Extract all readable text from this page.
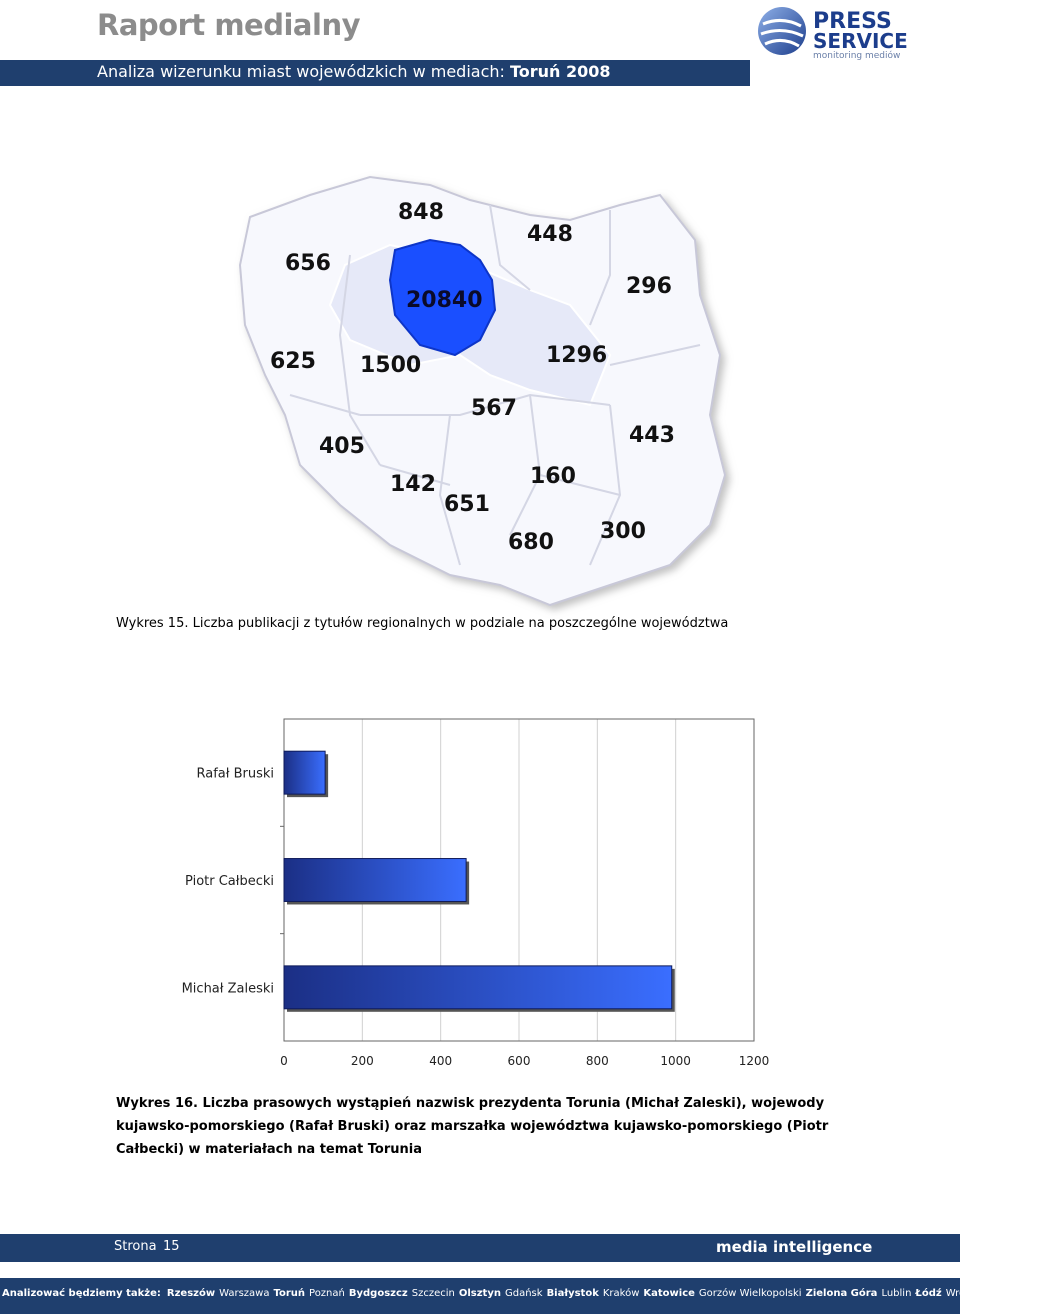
Raport medialny
Analiza wizerunku miast wojewódzkich w mediach: Toruń 2008
PRESS
SERVICE
monitoring mediów
848
656
448
20840
296
625 1500	1296
567
405	443
142	160
651
680 300
Wykres 15. Liczba publikacji z tytułów regionalnych w podziale na poszczególne województwa
Rafał Bruski
Piotr Całbecki
Michał Zaleski
0	200	400	600	800	1000	1200
Wykres 16. Liczba prasowych wystąpień nazwisk prezydenta Torunia (Michał Zaleski), wojewody kujawsko-pomorskiego (Rafał Bruski) oraz marszałka województwa kujawsko-pomorskiego (Piotr Całbecki) w materiałach na temat Torunia
Strona 15	media intelligence
Analizować będziemy także: Rzeszów Warszawa Toruń Poznań Bydgoszcz Szczecin Olsztyn Gdańsk Białystok Kraków Katowice Gorzów Wielkopolski Zielona Góra Lublin Łódź Wrocław Opole Kielce
